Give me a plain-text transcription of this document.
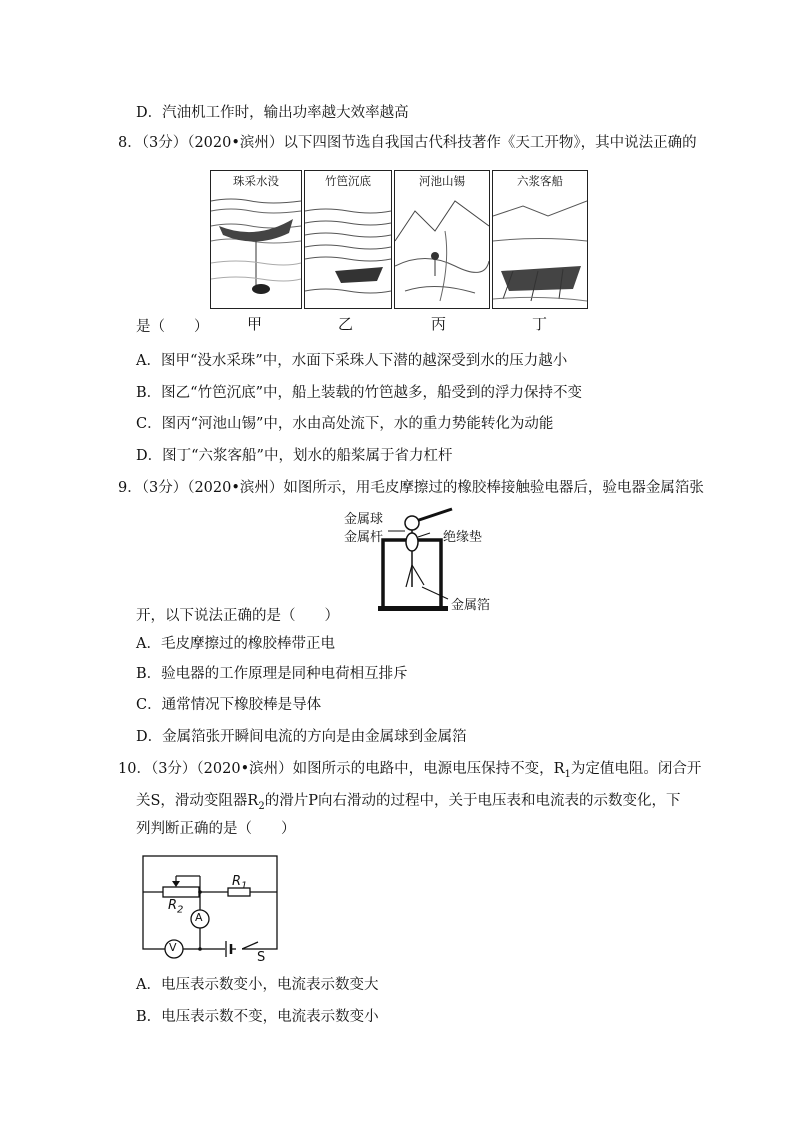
D．汽油机工作时，输出功率越大效率越高
8．（3分）（2020•滨州）以下四图节选自我国古代科技著作《天工开物》，其中说法正确的
珠采水没	竹笆沉底	河池山锡	六浆客船
甲	乙	丙	丁
是（　　）
A．图甲“没水采珠”中，水面下采珠人下潜的越深受到水的压力越小
B．图乙“竹笆沉底”中，船上装载的竹笆越多，船受到的浮力保持不变
C．图丙“河池山锡”中，水由高处流下，水的重力势能转化为动能
D．图丁“六浆客船”中，划水的船桨属于省力杠杆
9．（3分）（2020•滨州）如图所示，用毛皮摩擦过的橡胶棒接触验电器后，验电器金属箔张
金属球
金属杆	绝缘垫
金属箔
开，以下说法正确的是（　　）
A．毛皮摩擦过的橡胶棒带正电
B．验电器的工作原理是同种电荷相互排斥
C．通常情况下橡胶棒是导体
D．金属箔张开瞬间电流的方向是由金属球到金属箔
10．（3分）（2020•滨州）如图所示的电路中，电源电压保持不变，$R_1$为定值电阻。闭合开
关S，滑动变阻器$R_2$的滑片P向右滑动的过程中，关于电压表和电流表的示数变化，下
列判断正确的是（　　）
$R_1$
$R_2$
A
V
S
A．电压表示数变小，电流表示数变大
B．电压表示数不变，电流表示数变小
